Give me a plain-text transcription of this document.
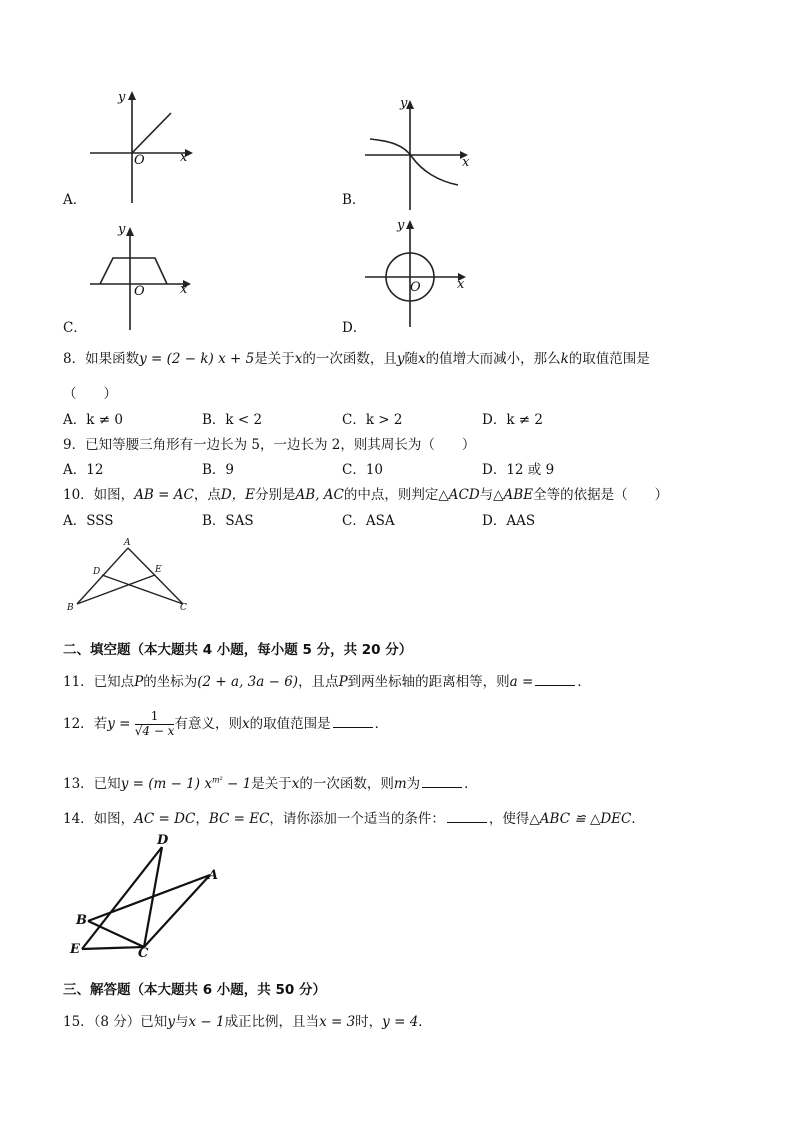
y
x
O
A．
y
x
B．
y
x
O
C．
y
x
O
D．
8．如果函数y = (2 − k) x + 5是关于x的一次函数，且y随x的值增大而减小，那么k的取值范围是
（　　）
A．k ≠ 0	B．k < 2	C．k > 2	D．k ≠ 2
9．已知等腰三角形有一边长为 5，一边长为 2，则其周长为（　　）
A．12	B．9	C．10	D．12 或 9
10．如图，AB = AC，点D，E分别是AB, AC的中点，则判定△ACD与△ABE全等的依据是（　　）
A．SSS	B．SAS	C．ASA	D．AAS
A
D	E
B	C
二、填空题（本大题共 4 小题，每小题 5 分，共 20 分）
11．已知点P的坐标为(2 + a, 3a − 6)，且点P到两坐标轴的距离相等，则a =	．
12．若$y = \frac{1}{√4 - x}$ 有意义，则x的取值范围是	．
13．已知y = (m − 1) $x^{m^2} - 1$是关于x的一次函数，则m为	．
14．如图，AC = DC，BC = EC，请你添加一个适当的条件：	，使得△ABC ≌ △DEC．
D
A
B
E	C
三、解答题（本大题共 6 小题，共 50 分）
15．（8 分）已知y与x − 1成正比例，且当x = 3时，y = 4．
